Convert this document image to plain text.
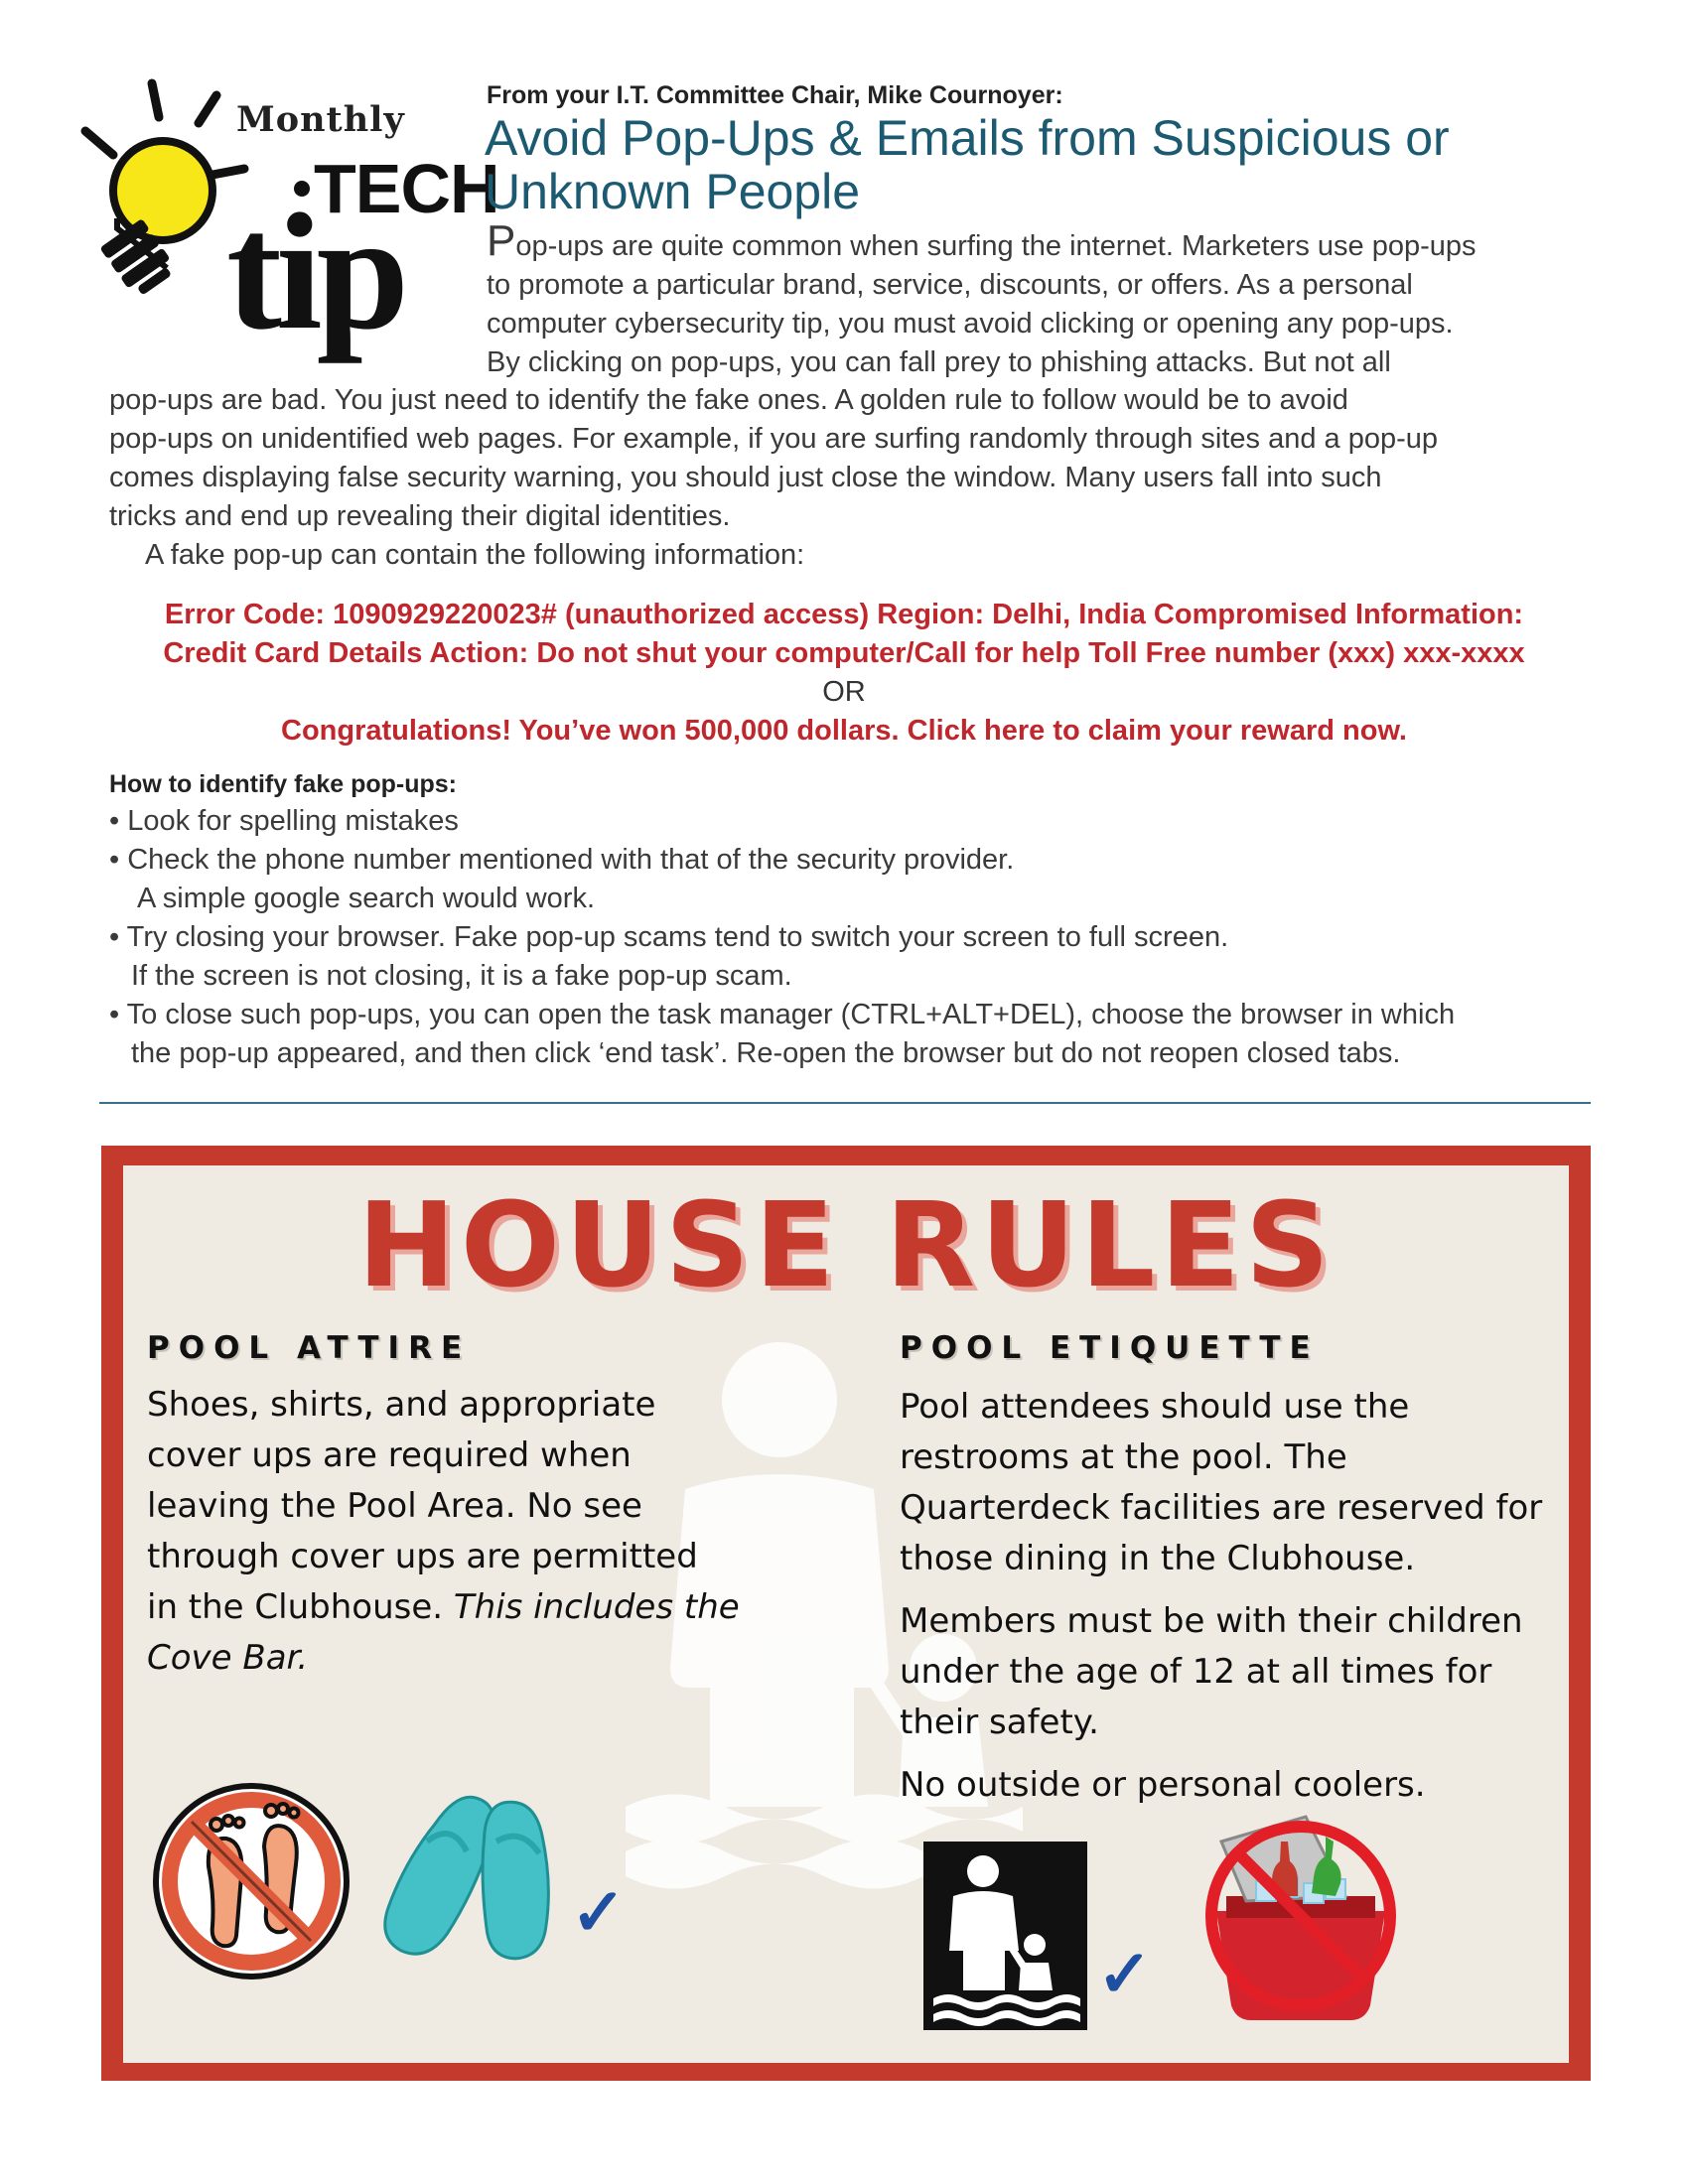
Monthly
TECH
tip
From your I.T. Committee Chair, Mike Cournoyer:
Avoid Pop-Ups & Emails from Suspicious or
Unknown People
Pop-ups are quite common when surfing the internet. Marketers use pop-ups
to promote a particular brand, service, discounts, or offers. As a personal
computer cybersecurity tip, you must avoid clicking or opening any pop-ups.
By clicking on pop-ups, you can fall prey to phishing attacks. But not all
pop-ups are bad. You just need to identify the fake ones. A golden rule to follow would be to avoid
pop-ups on unidentified web pages. For example, if you are surfing randomly through sites and a pop-up
comes displaying false security warning, you should just close the window. Many users fall into such
tricks and end up revealing their digital identities.
A fake pop-up can contain the following information:
Error Code: 1090929220023# (unauthorized access) Region: Delhi, India Compromised Information:
Credit Card Details Action: Do not shut your computer/Call for help Toll Free number (xxx) xxx-xxxx
OR
Congratulations! You’ve won 500,000 dollars. Click here to claim your reward now.
How to identify fake pop-ups:
• Look for spelling mistakes
• Check the phone number mentioned with that of the security provider.
A simple google search would work.
• Try closing your browser. Fake pop-up scams tend to switch your screen to full screen.
If the screen is not closing, it is a fake pop-up scam.
• To close such pop-ups, you can open the task manager (CTRL+ALT+DEL), choose the browser in which
the pop-up appeared, and then click ‘end task’. Re-open the browser but do not reopen closed tabs.
HOUSE RULES
POOL ATTIRE
Shoes, shirts, and appropriate
cover ups are required when
leaving the Pool Area. No see
through cover ups are permitted
in the Clubhouse. This includes the
Cove Bar.
POOL ETIQUETTE

Pool attendees should use the
restrooms at the pool. The
Quarterdeck facilities are reserved for
those dining in the Clubhouse.

Members must be with their children
under the age of 12 at all times for
their safety.

No outside or personal coolers.

✓
✓
